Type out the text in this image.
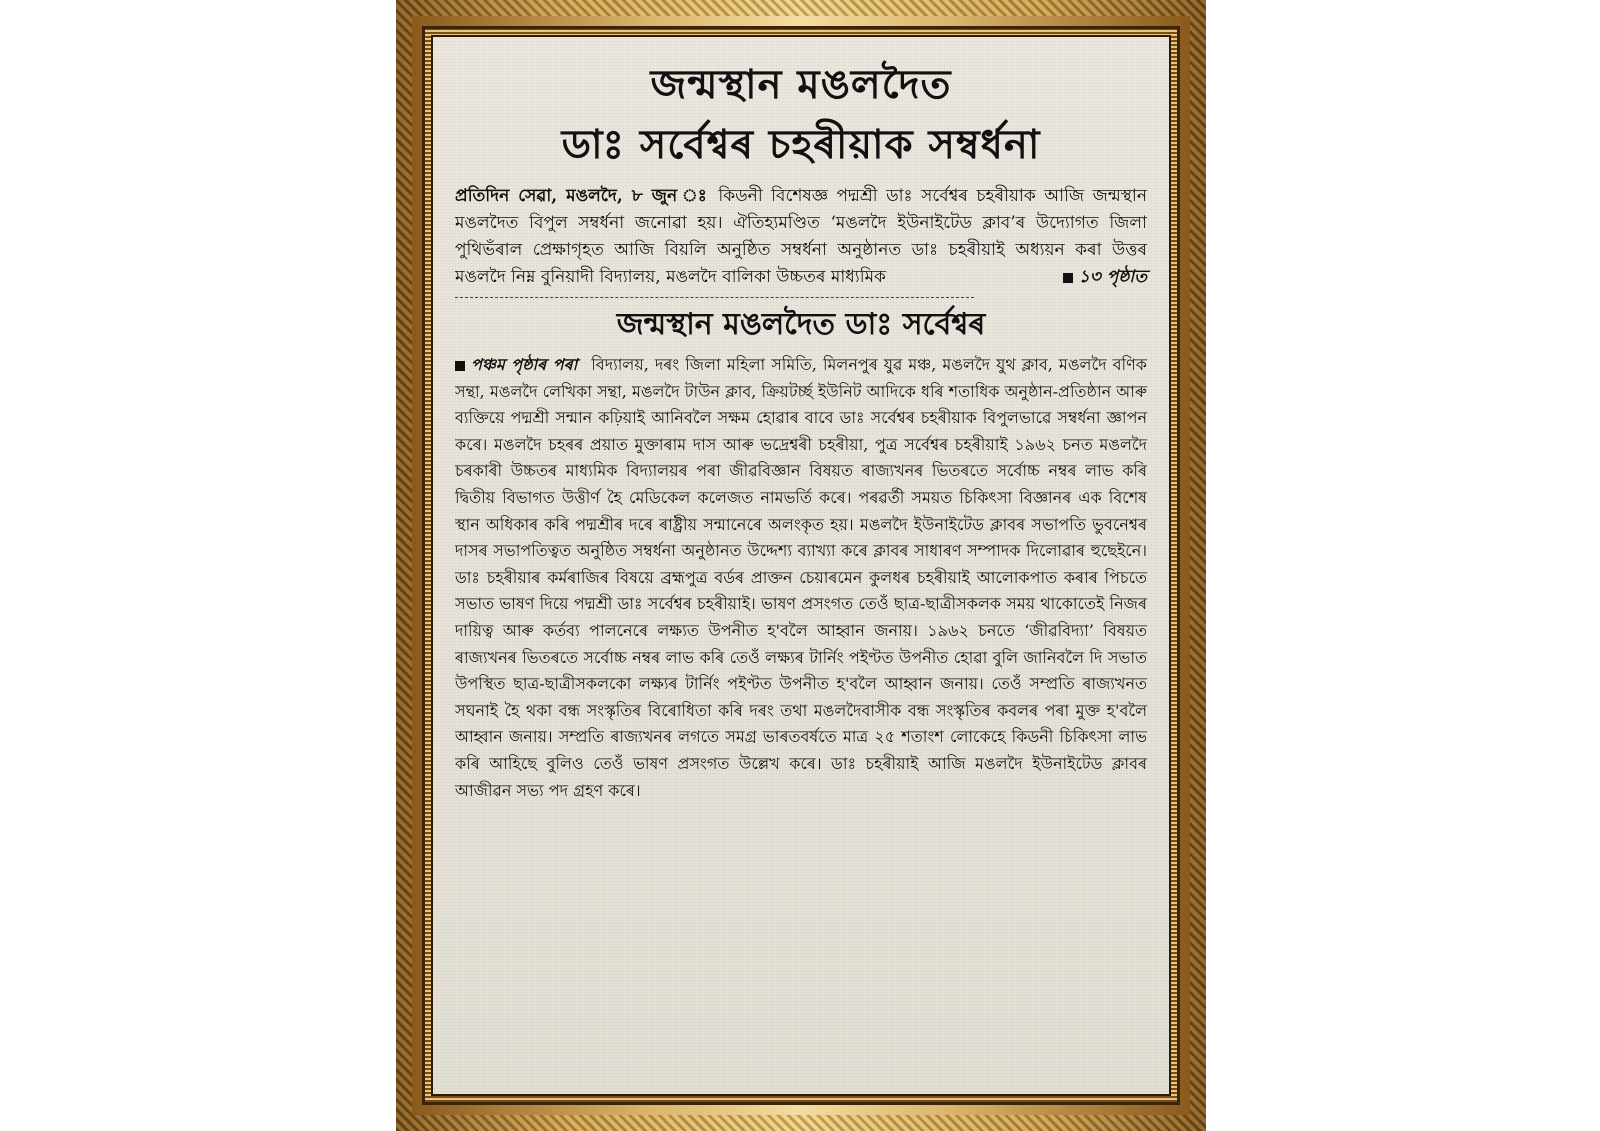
জন্মস্থান মঙলদৈত
ডাঃ সৰ্বেশ্বৰ চহৰীয়াক সম্বৰ্ধনা

প্ৰতিদিন সেৱা, মঙলদৈ, ৮ জুন ঃ কিডনী বিশেষজ্ঞ পদ্মশ্ৰী ডাঃ সৰ্বেশ্বৰ চহৰীয়াক আজি জন্মস্থান মঙলদৈত বিপুল সম্বৰ্ধনা জনোৱা হয়। ঐতিহ্যমণ্ডিত ‘মঙলদৈ ইউনাইটেড ক্লাব’ৰ উদ্যোগত জিলা পুথিভঁৰাল প্ৰেক্ষাগৃহত আজি বিয়লি অনুষ্ঠিত সম্বৰ্ধনা অনুষ্ঠানত ডাঃ চহৰীয়াই অধ্যয়ন কৰা উত্তৰ মঙলদৈ নিম্ন বুনিয়াদী বিদ্যালয়, মঙলদৈ বালিকা উচ্চতৰ মাধ্যমিক	১৩ পৃষ্ঠাত

জন্মস্থান মঙলদৈত ডাঃ সৰ্বেশ্বৰ

পঞ্চম পৃষ্ঠাৰ পৰা বিদ্যালয়, দৰং জিলা মহিলা সমিতি, মিলনপুৰ যুৱ মঞ্চ, মঙলদৈ যুথ ক্লাব, মঙলদৈ বণিক সন্থা, মঙলদৈ লেখিকা সন্থা, মঙলদৈ টাউন ক্লাব, ক্ৰিয়টৰ্চ্ছ ইউনিট আদিকে ধৰি শতাধিক অনুষ্ঠান-প্ৰতিষ্ঠান আৰু ব্যক্তিয়ে পদ্মশ্ৰী সন্মান কঢ়িয়াই আনিবলৈ সক্ষম হোৱাৰ বাবে ডাঃ সৰ্বেশ্বৰ চহৰীয়াক বিপুলভাৱে সম্বৰ্ধনা জ্ঞাপন কৰে। মঙলদৈ চহৰৰ প্ৰয়াত মুক্তাৰাম দাস আৰু ভদ্ৰেশ্বৰী চহৰীয়া, পুত্ৰ সৰ্বেশ্বৰ চহৰীয়াই ১৯৬২ চনত মঙলদৈ চৰকাৰী উচ্চতৰ মাধ্যমিক বিদ্যালয়ৰ পৰা জীৱবিজ্ঞান বিষয়ত ৰাজ্যখনৰ ভিতৰতে সৰ্বোচ্চ নম্বৰ লাভ কৰি দ্বিতীয় বিভাগত উত্তীৰ্ণ হৈ মেডিকেল কলেজত নামভৰ্তি কৰে। পৰৱৰ্তী সময়ত চিকিৎসা বিজ্ঞানৰ এক বিশেষ স্থান অধিকাৰ কৰি পদ্মশ্ৰীৰ দৰে ৰাষ্ট্ৰীয় সন্মানেৰে অলংকৃত হয়। মঙলদৈ ইউনাইটেড ক্লাবৰ সভাপতি ভুবনেশ্বৰ দাসৰ সভাপতিত্বত অনুষ্ঠিত সম্বৰ্ধনা অনুষ্ঠানত উদ্দেশ্য ব্যাখ্যা কৰে ক্লাবৰ সাধাৰণ সম্পাদক দিলোৱাৰ হুছেইনে। ডাঃ চহৰীয়াৰ কৰ্মৰাজিৰ বিষয়ে ব্ৰহ্মপুত্ৰ বৰ্ডৰ প্ৰাক্তন চেয়াৰমেন কুলধৰ চহৰীয়াই আলোকপাত কৰাৰ পিচতে সভাত ভাষণ দিয়ে পদ্মশ্ৰী ডাঃ সৰ্বেশ্বৰ চহৰীয়াই। ভাষণ প্ৰসংগত তেওঁ ছাত্ৰ-ছাত্ৰীসকলক সময় থাকোতেই নিজৰ দায়িত্ব আৰু কৰ্তব্য পালনেৰে লক্ষ্যত উপনীত হ'বলৈ আহ্বান জনায়। ১৯৬২ চনতে ‘জীৱবিদ্যা’ বিষয়ত ৰাজ্যখনৰ ভিতৰতে সৰ্বোচ্চ নম্বৰ লাভ কৰি তেওঁ লক্ষ্যৰ টাৰ্নিং পইণ্টত উপনীত হোৱা বুলি জানিবলৈ দি সভাত উপস্থিত ছাত্ৰ-ছাত্ৰীসকলকো লক্ষ্যৰ টাৰ্নিং পইণ্টত উপনীত হ'বলৈ আহ্বান জনায়। তেওঁ সম্প্ৰতি ৰাজ্যখনত সঘনাই হৈ থকা বন্ধ সংস্কৃতিৰ বিৰোধিতা কৰি দৰং তথা মঙলদৈবাসীক বন্ধ সংস্কৃতিৰ কবলৰ পৰা মুক্ত হ'বলৈ আহ্বান জনায়। সম্প্ৰতি ৰাজ্যখনৰ লগতে সমগ্ৰ ভাৰতবৰ্ষতে মাত্ৰ ২৫ শতাংশ লোকেহে কিডনী চিকিৎসা লাভ কৰি আহিছে বুলিও তেওঁ ভাষণ প্ৰসংগত উল্লেখ কৰে। ডাঃ চহৰীয়াই আজি মঙলদৈ ইউনাইটেড ক্লাবৰ আজীৱন সভ্য পদ গ্ৰহণ কৰে।
